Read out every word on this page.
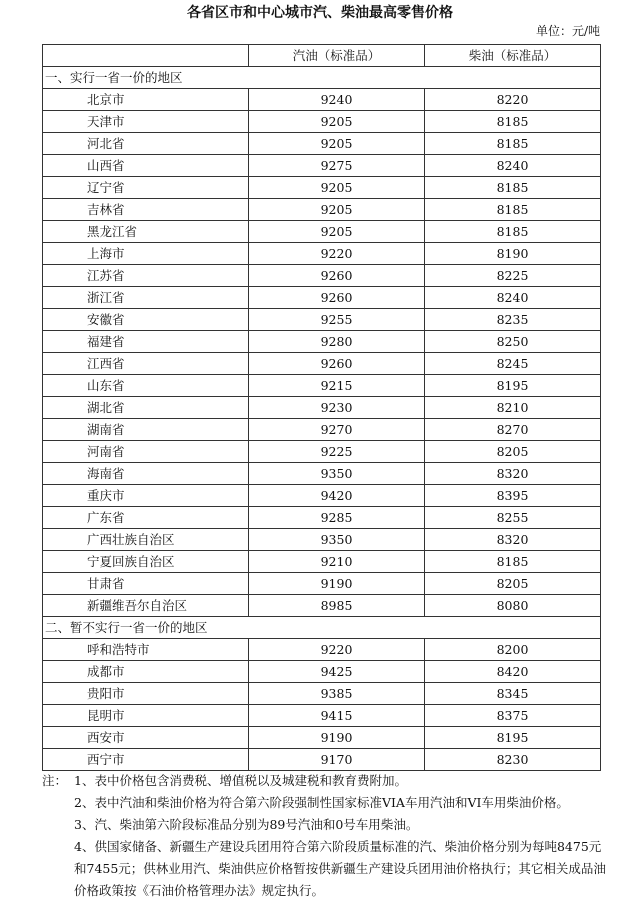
各省区市和中心城市汽、柴油最高零售价格
单位：元/吨
	汽油（标准品）	柴油（标准品）
一、实行一省一价的地区		
北京市	9240	8220
天津市	9205	8185
河北省	9205	8185
山西省	9275	8240
辽宁省	9205	8185
吉林省	9205	8185
黑龙江省	9205	8185
上海市	9220	8190
江苏省	9260	8225
浙江省	9260	8240
安徽省	9255	8235
福建省	9280	8250
江西省	9260	8245
山东省	9215	8195
湖北省	9230	8210
湖南省	9270	8270
河南省	9225	8205
海南省	9350	8320
重庆市	9420	8395
广东省	9285	8255
广西壮族自治区	9350	8320
宁夏回族自治区	9210	8185
甘肃省	9190	8205
新疆维吾尔自治区	8985	8080
二、暂不实行一省一价的地区		
呼和浩特市	9220	8200
成都市	9425	8420
贵阳市	9385	8345
昆明市	9415	8375
西安市	9190	8195
西宁市	9170	8230
注： 1、表中价格包含消费税、增值税以及城建税和教育费附加。

2、表中汽油和柴油价格为符合第六阶段强制性国家标准VIA车用汽油和VI车用柴油价格。

3、汽、柴油第六阶段标准品分别为89号汽油和0号车用柴油。

4、供国家储备、新疆生产建设兵团用符合第六阶段质量标准的汽、柴油价格分别为每吨8475元和7455元；供林业用汽、柴油供应价格暂按供新疆生产建设兵团用油价格执行；其它相关成品油价格政策按《石油价格管理办法》规定执行。
